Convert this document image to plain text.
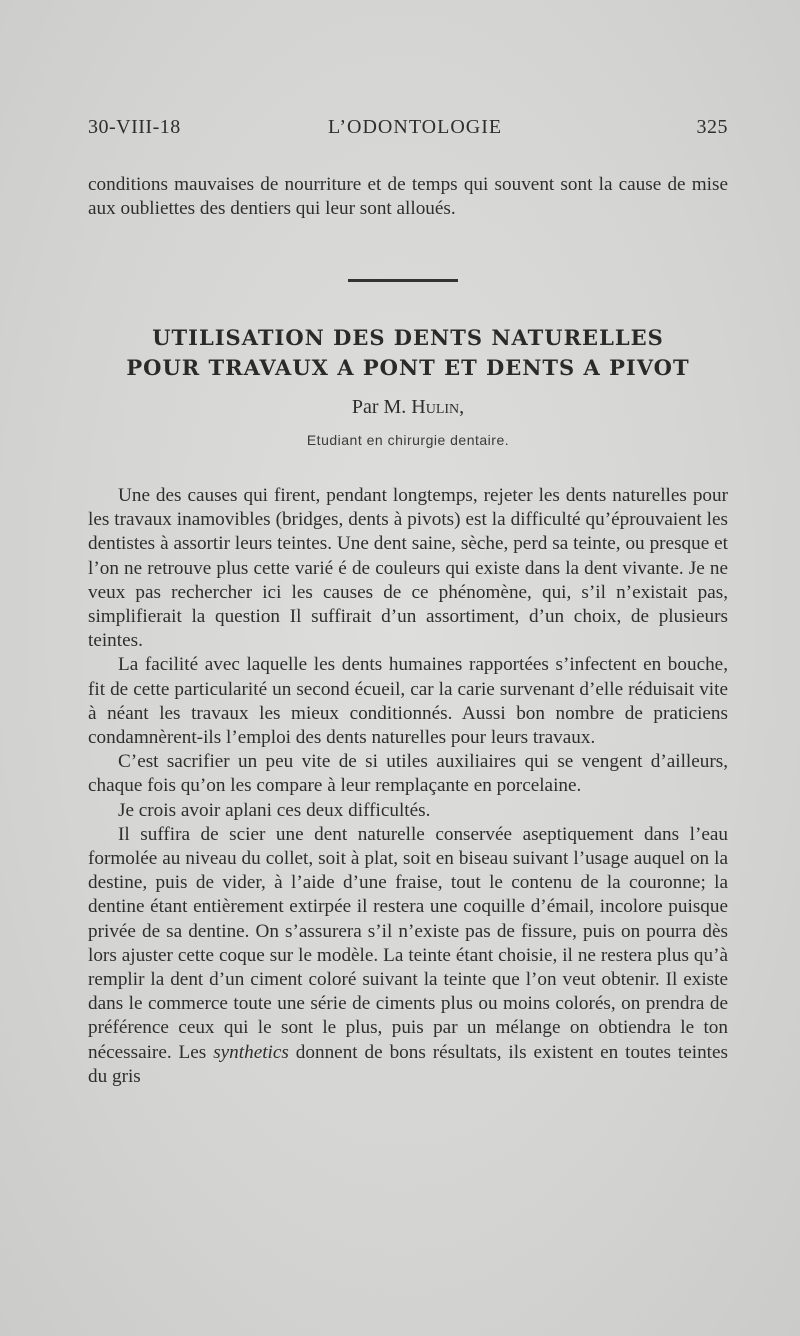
30-VIII-18	L’ODONTOLOGIE	325

conditions mauvaises de nourriture et de temps qui souvent sont la cause de mise aux oubliettes des dentiers qui leur sont alloués.

UTILISATION DES DENTS NATURELLES
POUR TRAVAUX A PONT ET DENTS A PIVOT
Par M. Hulin,
Etudiant en chirurgie dentaire.

Une des causes qui firent, pendant longtemps, rejeter les dents naturelles pour les travaux inamovibles (bridges, dents à pivots) est la difficulté qu’éprouvaient les dentistes à assortir leurs teintes. Une dent saine, sèche, perd sa teinte, ou presque et l’on ne retrouve plus cette varié é de couleurs qui existe dans la dent vivante. Je ne veux pas rechercher ici les causes de ce phénomène, qui, s’il n’existait pas, simplifierait la question Il suffirait d’un assortiment, d’un choix, de plusieurs teintes.

La facilité avec laquelle les dents humaines rapportées s’infectent en bouche, fit de cette particularité un second écueil, car la carie survenant d’elle réduisait vite à néant les travaux les mieux conditionnés. Aussi bon nombre de praticiens condamnèrent-ils l’emploi des dents naturelles pour leurs travaux.

C’est sacrifier un peu vite de si utiles auxiliaires qui se vengent d’ailleurs, chaque fois qu’on les compare à leur remplaçante en porcelaine.

Je crois avoir aplani ces deux difficultés.

Il suffira de scier une dent naturelle conservée aseptiquement dans l’eau formolée au niveau du collet, soit à plat, soit en biseau suivant l’usage auquel on la destine, puis de vider, à l’aide d’une fraise, tout le contenu de la couronne; la dentine étant entièrement extirpée il restera une coquille d’émail, incolore puisque privée de sa dentine. On s’assurera s’il n’existe pas de fissure, puis on pourra dès lors ajuster cette coque sur le modèle. La teinte étant choisie, il ne restera plus qu’à remplir la dent d’un ciment coloré suivant la teinte que l’on veut obtenir. Il existe dans le commerce toute une série de ciments plus ou moins colorés, on prendra de préférence ceux qui le sont le plus, puis par un mélange on obtiendra le ton nécessaire. Les synthetics donnent de bons résultats, ils existent en toutes teintes du gris
